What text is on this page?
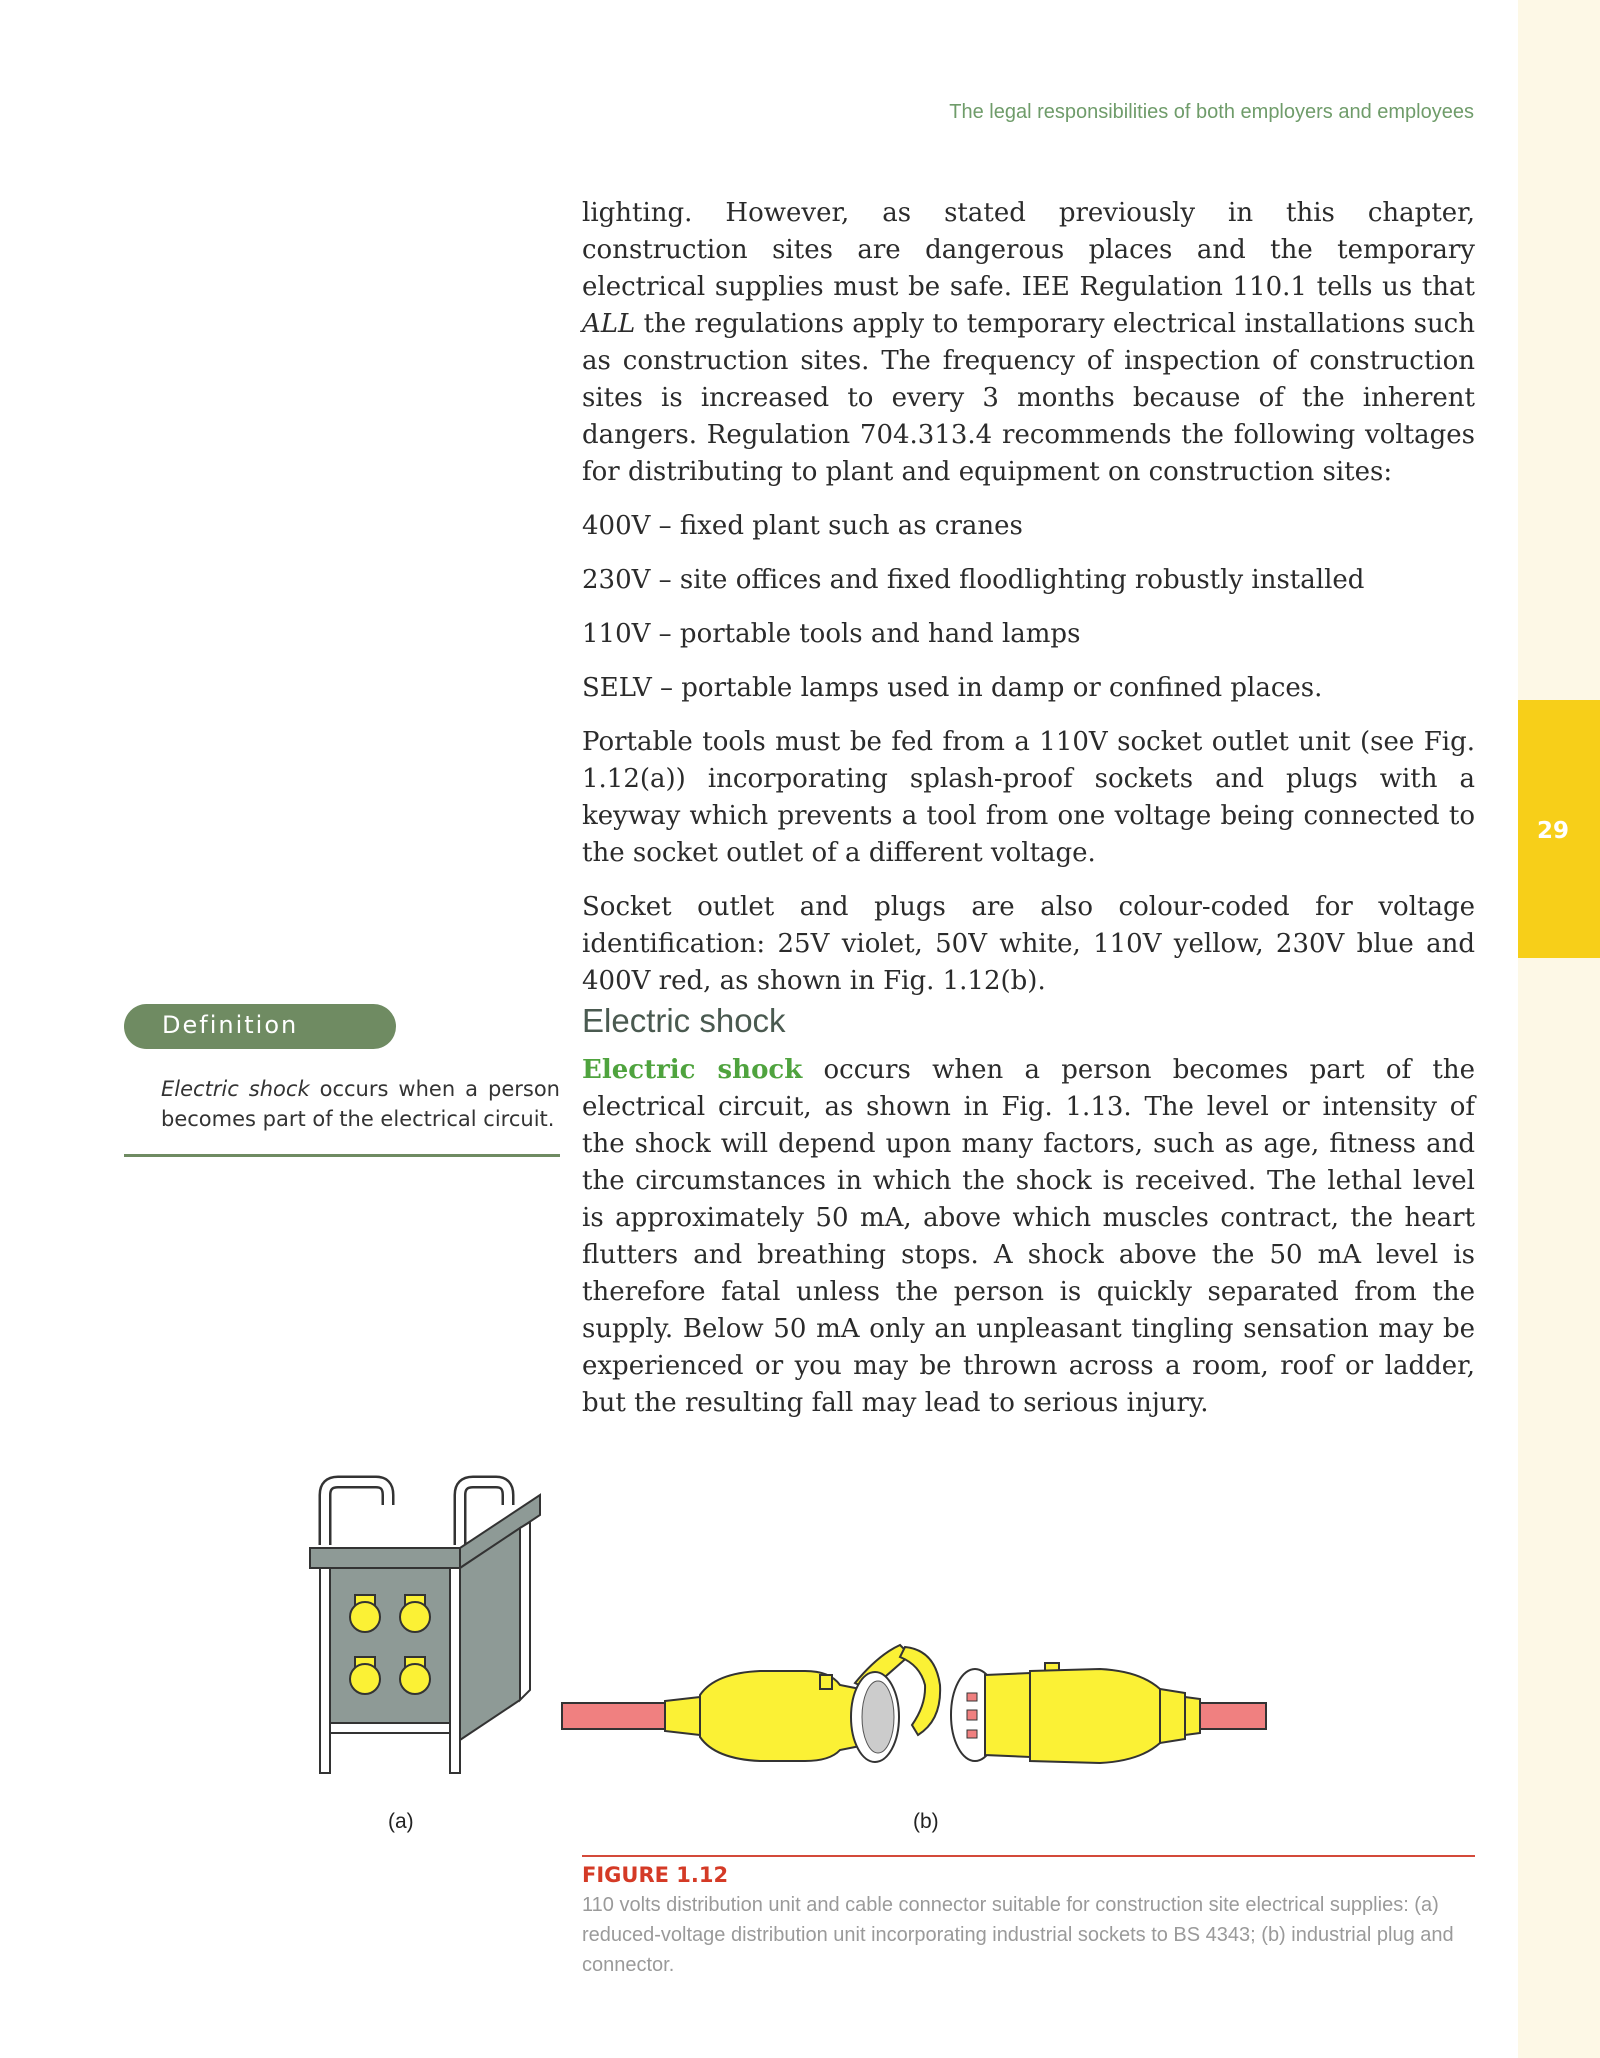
29
The legal responsibilities of both employers and employees

lighting. However, as stated previously in this chapter, construction sites are dangerous places and the temporary electrical supplies must be safe. IEE Regulation 110.1 tells us that ALL the regulations apply to temporary electrical installations such as construction sites. The frequency of inspection of construction sites is increased to every 3 months because of the inherent dangers. Regulation 704.313.4 recommends the following voltages for distributing to plant and equipment on construction sites:

400V – fixed plant such as cranes

230V – site offices and fixed floodlighting robustly installed

110V – portable tools and hand lamps

SELV – portable lamps used in damp or confined places.

Portable tools must be fed from a 110V socket outlet unit (see Fig. 1.12(a)) incorporating splash-proof sockets and plugs with a keyway which prevents a tool from one voltage being connected to the socket outlet of a different voltage.

Socket outlet and plugs are also colour-coded for voltage identification: 25V violet, 50V white, 110V yellow, 230V blue and 400V red, as shown in Fig. 1.12(b).

Electric shock

Electric shock occurs when a person becomes part of the electrical circuit, as shown in Fig. 1.13. The level or intensity of the shock will depend upon many factors, such as age, fitness and the circumstances in which the shock is received. The lethal level is approximately 50 mA, above which muscles contract, the heart flutters and breathing stops. A shock above the 50 mA level is therefore fatal unless the person is quickly separated from the supply. Below 50 mA only an unpleasant tingling sensation may be experienced or you may be thrown across a room, roof or ladder, but the resulting fall may lead to serious injury.

Definition
Electric shock occurs when a person becomes part of the electrical circuit.
(a)	(b)
FIGURE 1.12
110 volts distribution unit and cable connector suitable for construction site electrical supplies: (a) reduced-voltage distribution unit incorporating industrial sockets to BS 4343; (b) industrial plug and connector.
